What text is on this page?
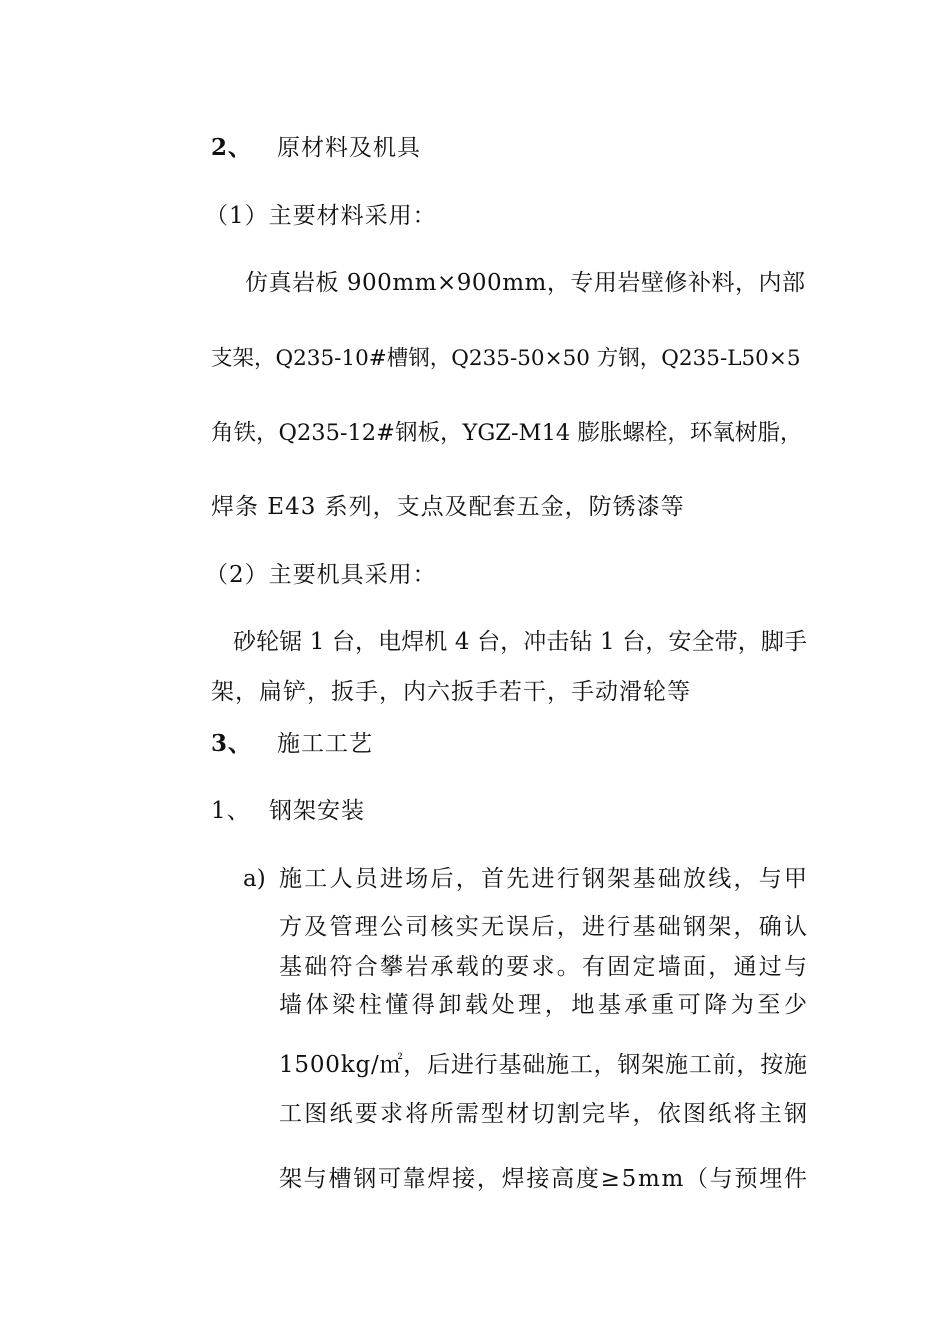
2、 原材料及机具
（1）主要材料采用：
仿真岩板 900mm×900mm，专用岩壁修补料，内部
支架，Q235-10#槽钢，Q235-50×50 方钢，Q235-L50×5
角铁，Q235-12#钢板，YGZ-M14 膨胀螺栓，环氧树脂，
焊条 E43 系列，支点及配套五金，防锈漆等
（2）主要机具采用：
砂轮锯 1 台，电焊机 4 台，冲击钻 1 台，安全带，脚手
架，扁铲，扳手，内六扳手若干，手动滑轮等
3、 施工工艺
1、 钢架安装
a) 施工人员进场后，首先进行钢架基础放线，与甲
方及管理公司核实无误后，进行基础钢架，确认
基础符合攀岩承载的要求。有固定墙面，通过与
墙体梁柱懂得卸载处理，地基承重可降为至少
1500kg/㎡，后进行基础施工，钢架施工前，按施
工图纸要求将所需型材切割完毕，依图纸将主钢
架与槽钢可靠焊接，焊接高度≥5mm（与预埋件
